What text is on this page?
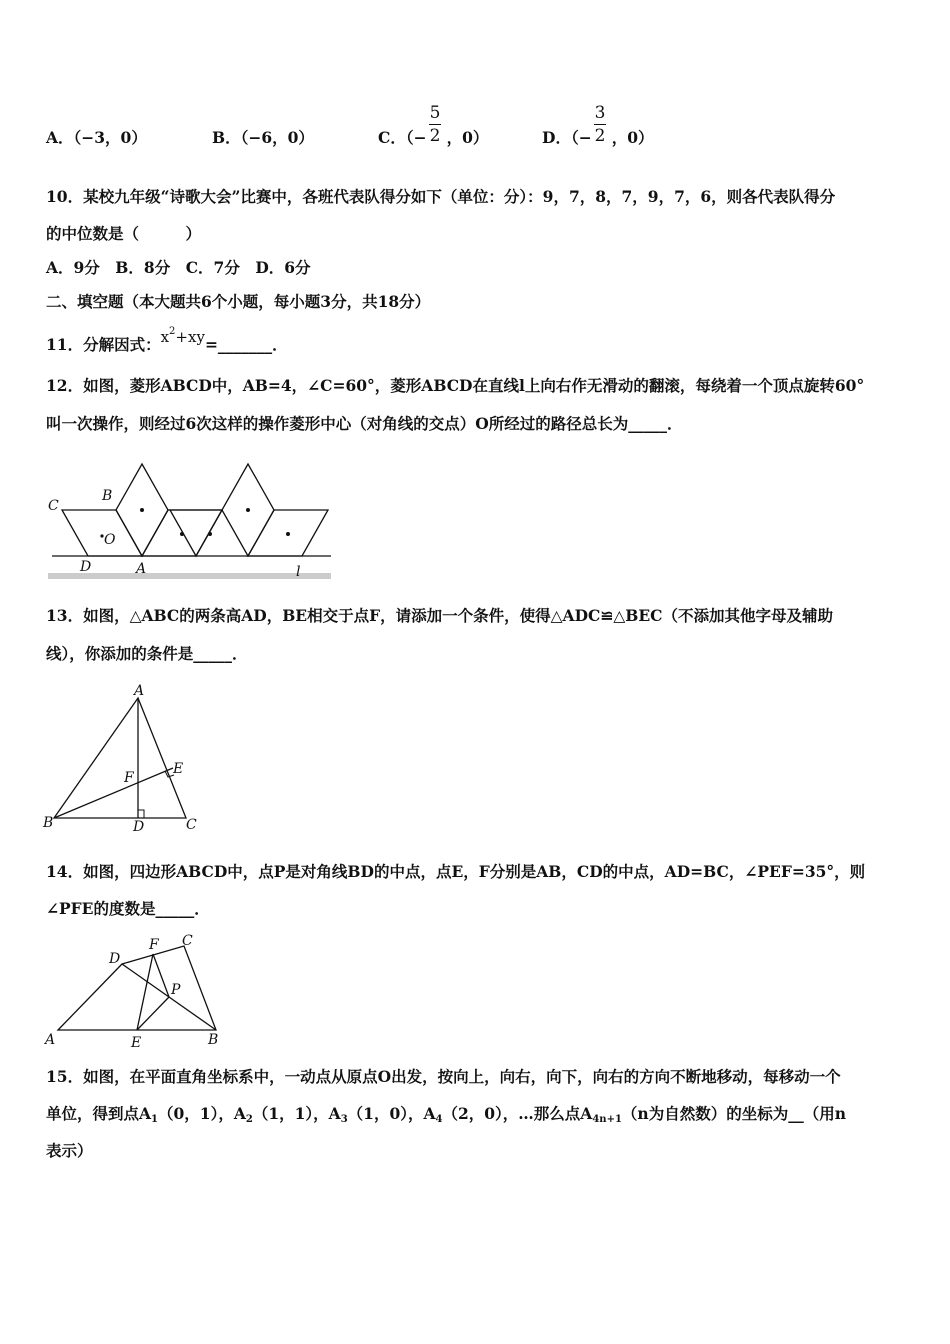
A．（−3，0）	B．（−6，0）	C．（− ，0）
5
2	D．（− ，0）
3
2
10．某校九年级“诗歌大会”比赛中，各班代表队得分如下（单位：分）：9，7，8，7，9，7，6，则各代表队得分
的中位数是（　　　）
A．9分　B．8分　C．7分　D．6分
二、填空题（本大题共6个小题，每小题3分，共18分）
11．分解因式：$x^2+xy=\_\_\_\_\_\_\_$．
12．如图，菱形ABCD中，AB=4，∠C=60°，菱形ABCD在直线l上向右作无滑动的翻滚，每绕着一个顶点旋转60°
叫一次操作，则经过6次这样的操作菱形中心（对角线的交点）O所经过的路径总长为_____．
C
B
O
D	A	l
13．如图，△ABC的两条高AD，BE相交于点F，请添加一个条件，使得△ADC≌△BEC（不添加其他字母及辅助
线），你添加的条件是_____．
A
B	C
D
E
F
14．如图，四边形ABCD中，点P是对角线BD的中点，点E，F分别是AB，CD的中点，AD=BC，∠PEF=35°，则
∠PFE的度数是_____．
A	B
C
D
E
F
P
15．如图，在平面直角坐标系中，一动点从原点O出发，按向上，向右，向下，向右的方向不断地移动，每移动一个
单位，得到点$A_1(0$，1），$A_2(1$，1），$A_3(1$，0），$A_4(2$，0），…那么点$A_{4n+1}(n$为自然数）的坐标为__（用n
表示）
